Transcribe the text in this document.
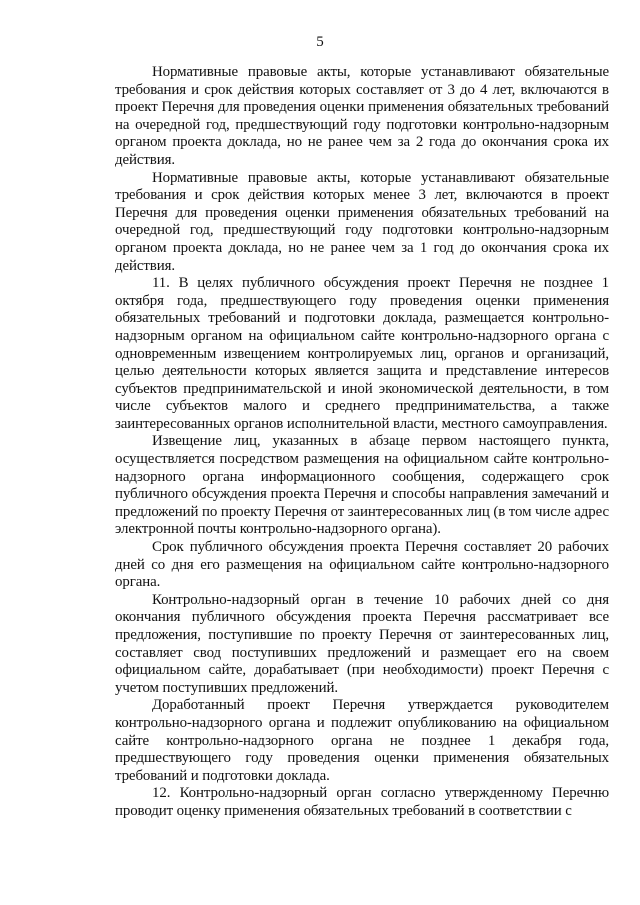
5

Нормативные правовые акты, которые устанавливают обязательные требования и срок действия которых составляет от 3 до 4 лет, включаются в проект Перечня для проведения оценки применения обязательных требований на очередной год, предшествующий году подготовки контрольно-надзорным органом проекта доклада, но не ранее чем за 2 года до окончания срока их действия.

Нормативные правовые акты, которые устанавливают обязательные требования и срок действия которых менее 3 лет, включаются в проект Перечня для проведения оценки применения обязательных требований на очередной год, предшествующий году подготовки контрольно-надзорным органом проекта доклада, но не ранее чем за 1 год до окончания срока их действия.

11. В целях публичного обсуждения проект Перечня не позднее 1 октября года, предшествующего году проведения оценки применения обязательных требований и подготовки доклада, размещается контрольно-надзорным органом на официальном сайте контрольно-надзорного органа с одновременным извещением контролируемых лиц, органов и организаций, целью деятельности которых является защита и представление интересов субъектов предпринимательской и иной экономической деятельности, в том числе субъектов малого и среднего предпринимательства, а также заинтересованных органов исполнительной власти, местного самоуправления.

Извещение лиц, указанных в абзаце первом настоящего пункта, осуществляется посредством размещения на официальном сайте контрольно-надзорного органа информационного сообщения, содержащего срок публичного обсуждения проекта Перечня и способы направления замечаний и предложений по проекту Перечня от заинтересованных лиц (в том числе адрес электронной почты контрольно-надзорного органа).

Срок публичного обсуждения проекта Перечня составляет 20 рабочих дней со дня его размещения на официальном сайте контрольно-надзорного органа.

Контрольно-надзорный орган в течение 10 рабочих дней со дня окончания публичного обсуждения проекта Перечня рассматривает все предложения, поступившие по проекту Перечня от заинтересованных лиц, составляет свод поступивших предложений и размещает его на своем официальном сайте, дорабатывает (при необходимости) проект Перечня с учетом поступивших предложений.

Доработанный проект Перечня утверждается руководителем контрольно-надзорного органа и подлежит опубликованию на официальном сайте контрольно-надзорного органа не позднее 1 декабря года, предшествующего году проведения оценки применения обязательных требований и подготовки доклада.

12. Контрольно-надзорный орган согласно утвержденному Перечню проводит оценку применения обязательных требований в соответствии с
